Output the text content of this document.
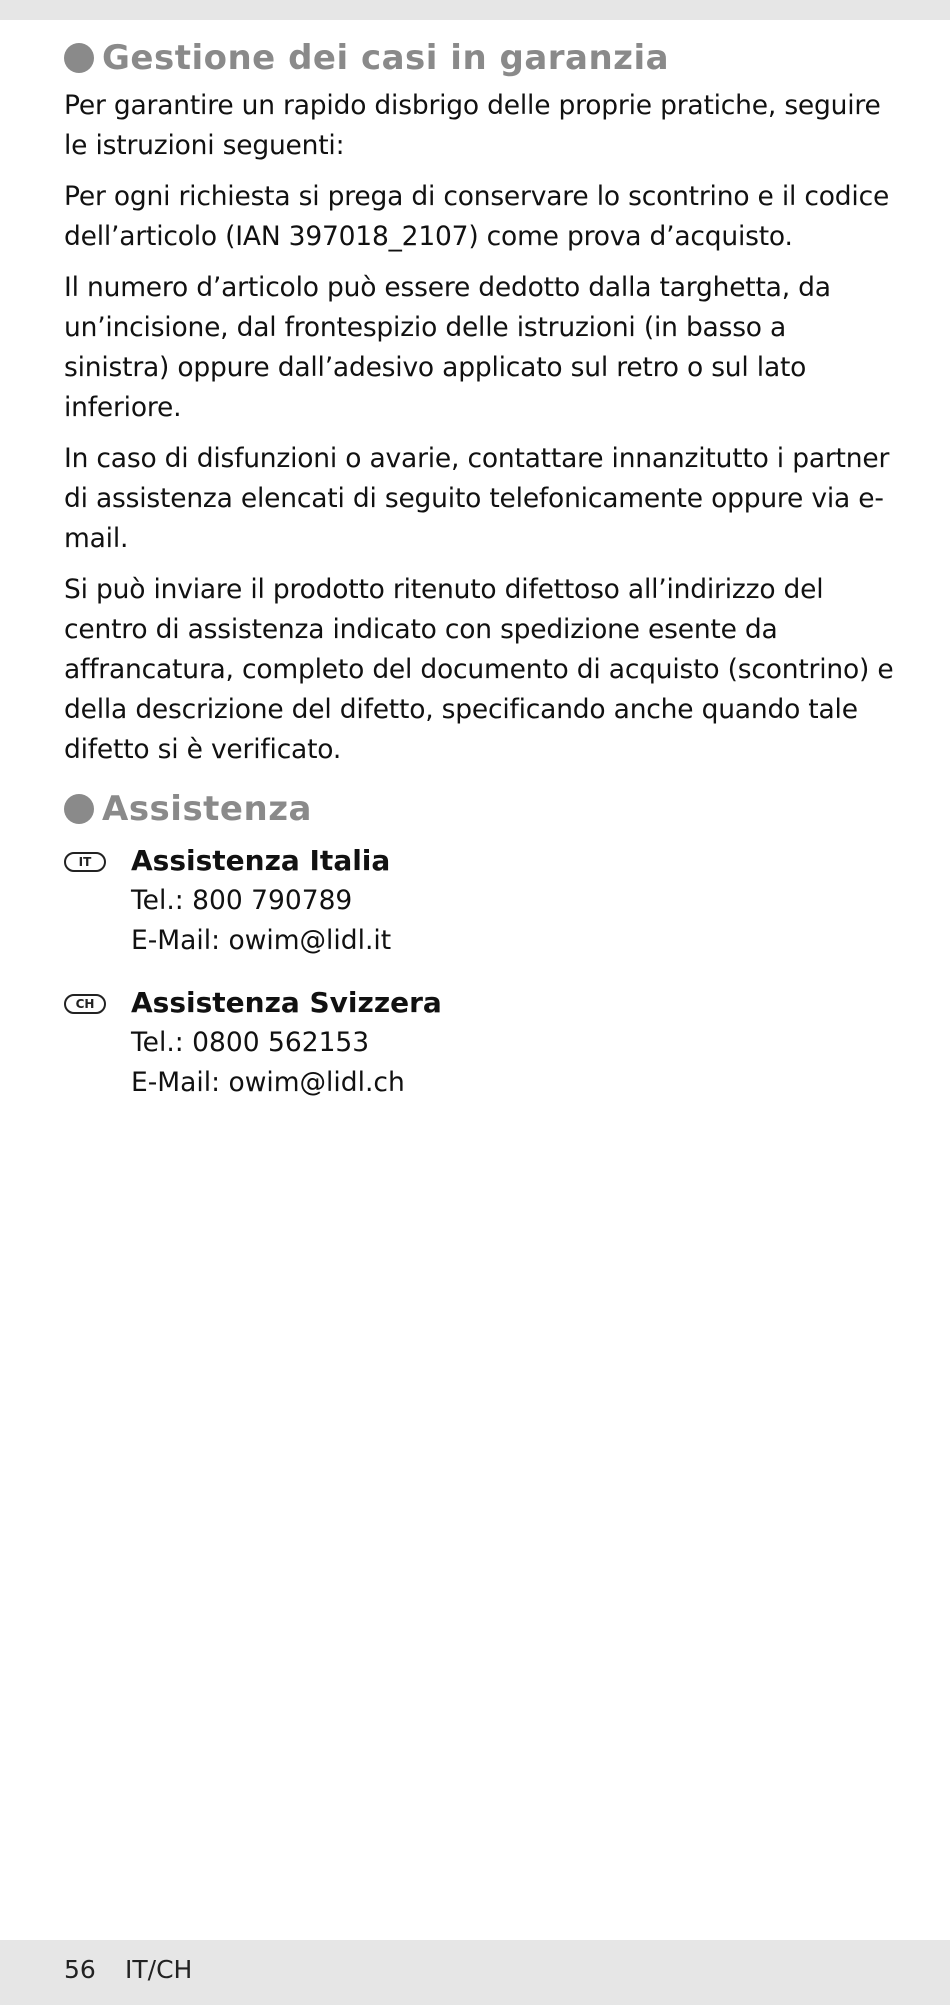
Gestione dei casi in garanzia

Per garantire un rapido disbrigo delle proprie pratiche, seguire le istruzioni seguenti:

Per ogni richiesta si prega di conservare lo scontrino e il codice dell’articolo (IAN 397018_2107) come prova d’acquisto.

Il numero d’articolo può essere dedotto dalla targhetta, da un’incisione, dal frontespizio delle istruzioni (in basso a sinistra) oppure dall’adesivo applicato sul retro o sul lato inferiore.

In caso di disfunzioni o avarie, contattare innanzitutto i partner di assistenza elencati di seguito telefonicamente oppure via e-mail.

Si può inviare il prodotto ritenuto difettoso all’indirizzo del centro di assistenza indicato con spedizione esente da affrancatura, completo del documento di acquisto (scontrino) e della descrizione del difetto, specificando anche quando tale difetto si è verificato.

Assistenza
IT	Assistenza Italia
Tel.: 800 790789
E-Mail: owim@lidl.it
CH	Assistenza Svizzera
Tel.: 0800 562153
E-Mail: owim@lidl.ch
56 IT/CH
